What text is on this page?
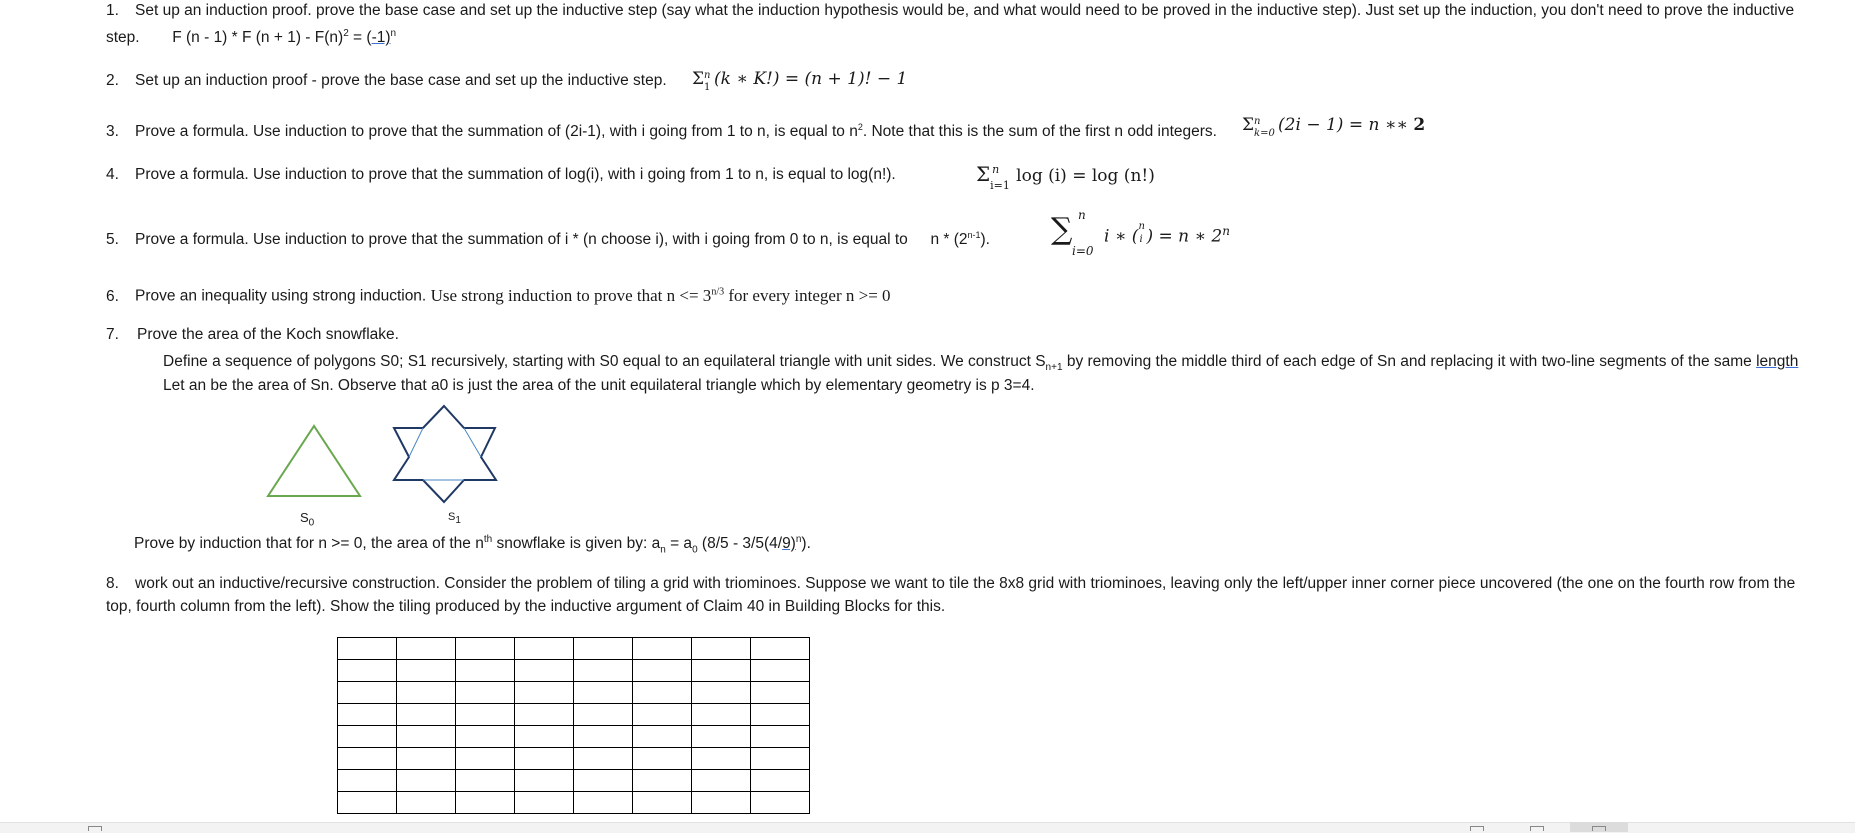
1. Set up an induction proof. prove the base case and set up the inductive step (say what the induction hypothesis would be, and what would need to be proved in the inductive step). Just set up the induction, you don't need to prove the inductive
step. F (n - 1) * F $(n + 1) - F(n)^2 = (-1)^n$
2. Set up an induction proof - prove the base case and set up the inductive step. Σ n
1 (k ∗ K!) = (n + 1)! − 1
3. Prove a formula. Use induction to prove that the summation of (2i-1), with i going from 1 to n, is equal to $n^2$. Note that this is the sum of the first n odd integers. Σ n
k=0 (2i − 1) = n ∗∗ 2
4. Prove a formula. Use induction to prove that the summation of log(i), with i going from 1 to n, is equal to log(n!).	Σ n
i=1 log (i) = log (n!)
5. Prove a formula. Use induction to prove that the summation of i * (n choose i), with i going from 0 to n, is equal to n * (2$^{n-1}$). ∑ n
i=0
i ∗ ( n
i ) = n ∗ 2$^n$
6. Prove an inequality using strong induction. Use strong induction to prove that $n <= 3^{n/3}$ for every integer n >= 0
7. Prove the area of the Koch snowflake.
Define a sequence of polygons S0; S1 recursively, starting with S0 equal to an equilateral triangle with unit sides. We construct $S_{n+1}$ by removing the middle third of each edge of Sn and replacing it with two-line segments of the same length
Let an be the area of Sn. Observe that a0 is just the area of the unit equilateral triangle which by elementary geometry is p 3=4.
$S_0$
S1
Prove by induction that for n >= 0, the area of the $n^{th}$ snowflake is given by: $a_n = a_0$ $(8/5 - 3/5(4/9)^n)$.
8. work out an inductive/recursive construction. Consider the problem of tiling a grid with triominoes. Suppose we want to tile the 8x8 grid with triominoes, leaving only the left/upper inner corner piece uncovered (the one on the fourth row from the
top, fourth column from the left). Show the tiling produced by the inductive argument of Claim 40 in Building Blocks for this.
